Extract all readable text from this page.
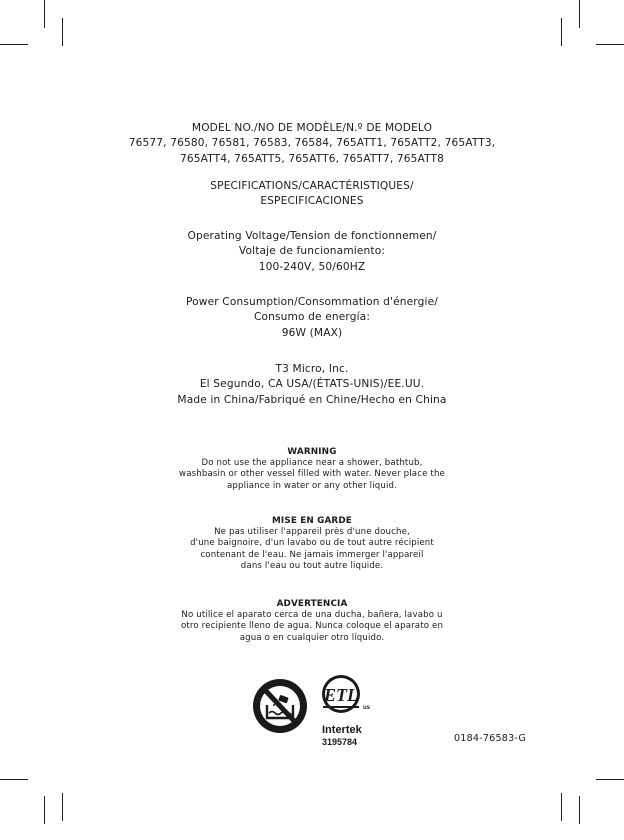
MODEL NO./NO DE MODÈLE/N.º DE MODELO
76577, 76580, 76581, 76583, 76584, 765ATT1, 765ATT2, 765ATT3,
765ATT4, 765ATT5, 765ATT6, 765ATT7, 765ATT8
SPECIFICATIONS/CARACTÉRISTIQUES/
ESPECIFICACIONES
Operating Voltage/Tension de fonctionnemen/
Voltaje de funcionamiento:
100-240V, 50/60HZ
Power Consumption/Consommation d'énergie/
Consumo de energía:
96W (MAX)
T3 Micro, Inc.
El Segundo, CA USA/(ÉTATS-UNIS)/EE.UU.
Made in China/Fabriqué en Chine/Hecho en China
WARNING
Do not use the appliance near a shower, bathtub,
washbasin or other vessel filled with water. Never place the
appliance in water or any other liquid.
MISE EN GARDE
Ne pas utiliser l'appareil près d'une douche,
d'une baignoire, d'un lavabo ou de tout autre récipient
contenant de l'eau. Ne jamais immerger l'appareil
dans l'eau ou tout autre liquide.
ADVERTENCIA
No utilice el aparato cerca de una ducha, bañera, lavabo u
otro recipiente lleno de agua. Nunca coloque el aparato en
agua o en cualquier otro líquido.
ETL
us
Intertek
3195784	0184-76583-G
